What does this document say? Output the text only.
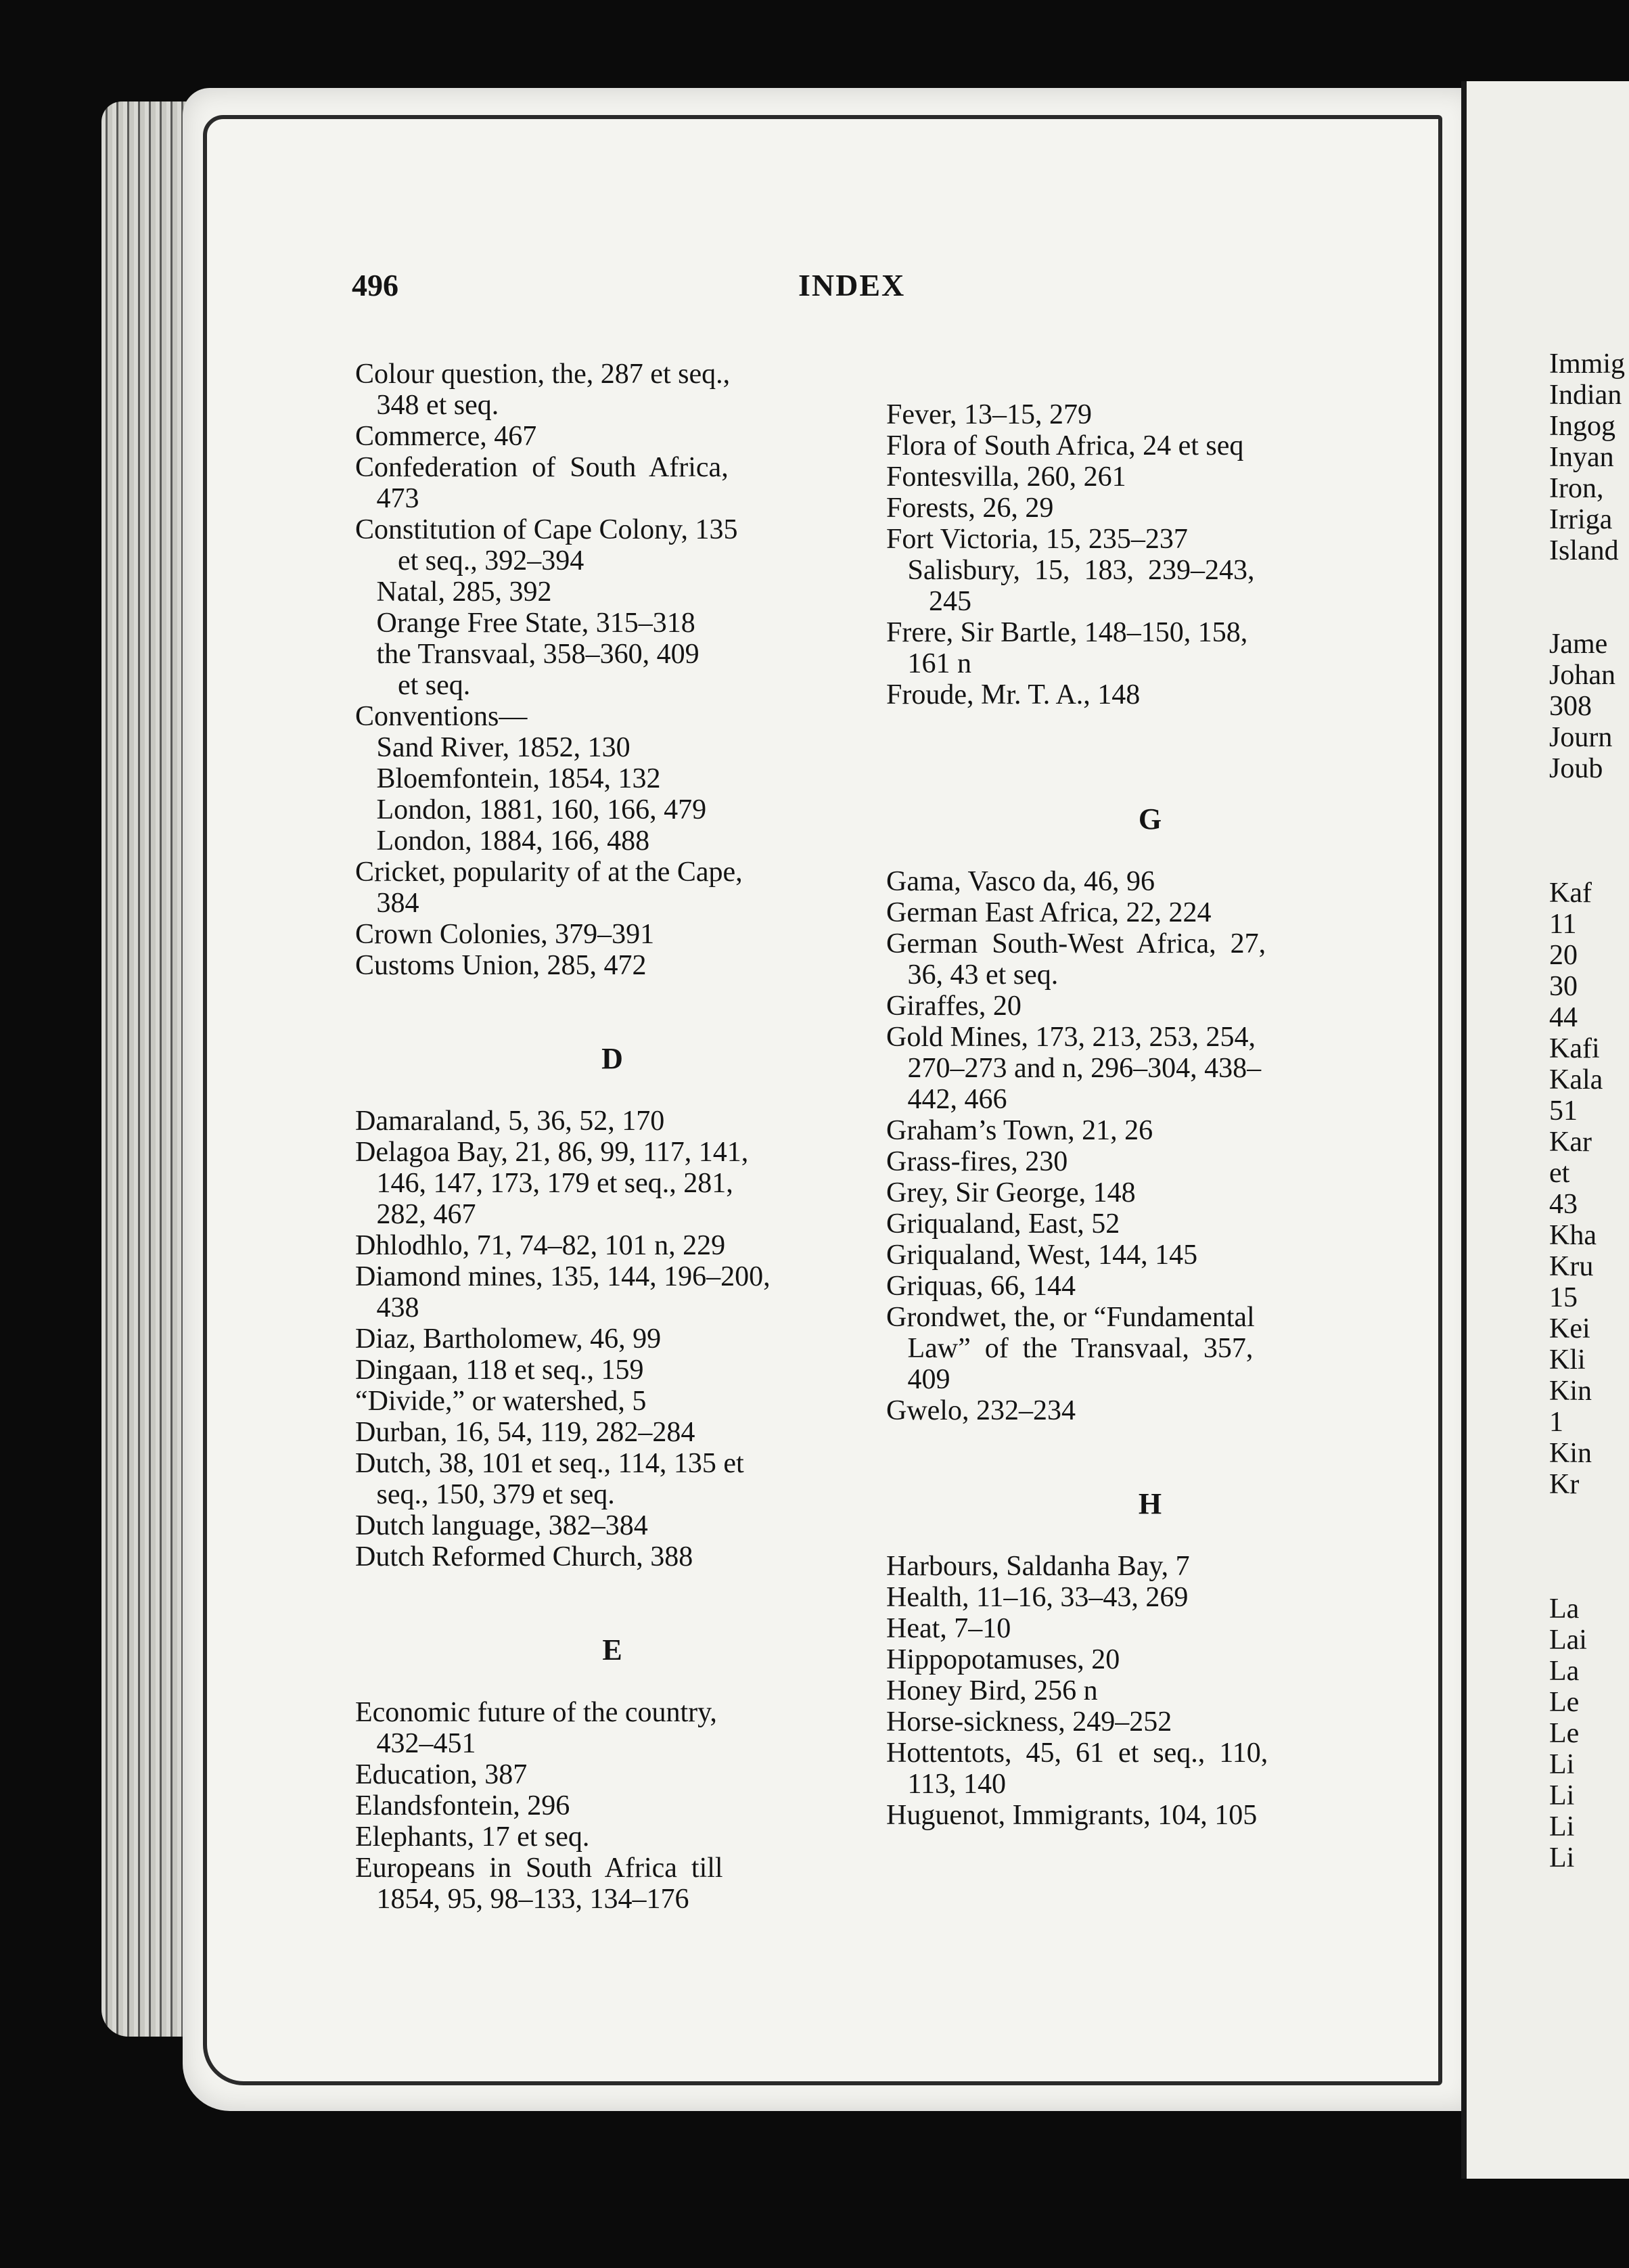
496	INDEX
Colour question, the, 287 et seq.,
348 et seq.
Commerce, 467
Confederation  of  South  Africa,
473
Constitution of Cape Colony, 135
et seq., 392–394
Natal, 285, 392
Orange Free State, 315–318
the Transvaal, 358–360, 409
et seq.
Conventions—
Sand River, 1852, 130
Bloemfontein, 1854, 132
London, 1881, 160, 166, 479
London, 1884, 166, 488
Cricket, popularity of at the Cape,
384
Crown Colonies, 379–391
Customs Union, 285, 472
D
Damaraland, 5, 36, 52, 170
Delagoa Bay, 21, 86, 99, 117, 141,
146, 147, 173, 179 et seq., 281,
282, 467
Dhlodhlo, 71, 74–82, 101 n, 229
Diamond mines, 135, 144, 196–200,
438
Diaz, Bartholomew, 46, 99
Dingaan, 118 et seq., 159
“Divide,” or watershed, 5
Durban, 16, 54, 119, 282–284
Dutch, 38, 101 et seq., 114, 135 et
seq., 150, 379 et seq.
Dutch language, 382–384
Dutch Reformed Church, 388
E
Economic future of the country,
432–451
Education, 387
Elandsfontein, 296
Elephants, 17 et seq.
Europeans  in  South  Africa  till
1854, 95, 98–133, 134–176
Fever, 13–15, 279
Flora of South Africa, 24 et seq
Fontesvilla, 260, 261
Forests, 26, 29
Fort Victoria, 15, 235–237
Salisbury,  15,  183,  239–243,
245
Frere, Sir Bartle, 148–150, 158,
161 n
Froude, Mr. T. A., 148
G
Gama, Vasco da, 46, 96
German East Africa, 22, 224
German  South-West  Africa,  27,
36, 43 et seq.
Giraffes, 20
Gold Mines, 173, 213, 253, 254,
270–273 and n, 296–304, 438–
442, 466
Graham’s Town, 21, 26
Grass-fires, 230
Grey, Sir George, 148
Griqualand, East, 52
Griqualand, West, 144, 145
Griquas, 66, 144
Grondwet, the, or “Fundamental
Law”  of  the  Transvaal,  357,
409
Gwelo, 232–234
H
Harbours, Saldanha Bay, 7
Health, 11–16, 33–43, 269
Heat, 7–10
Hippopotamuses, 20
Honey Bird, 256 n
Horse-sickness, 249–252
Hottentots,  45,  61  et  seq.,  110,
113, 140
Huguenot, Immigrants, 104, 105
Immig
Indian
Ingog
Inyan
Iron,
Irriga
Island
Jame
Johan
308
Journ
Joub
Kaf
11
20
30
44
Kafi
Kala
51
Kar
et
43
Kha
Kru
15
Kei
Kli
Kin
1
Kin
Kr
La
Lai
La
Le
Le
Li
Li
Li
Li
